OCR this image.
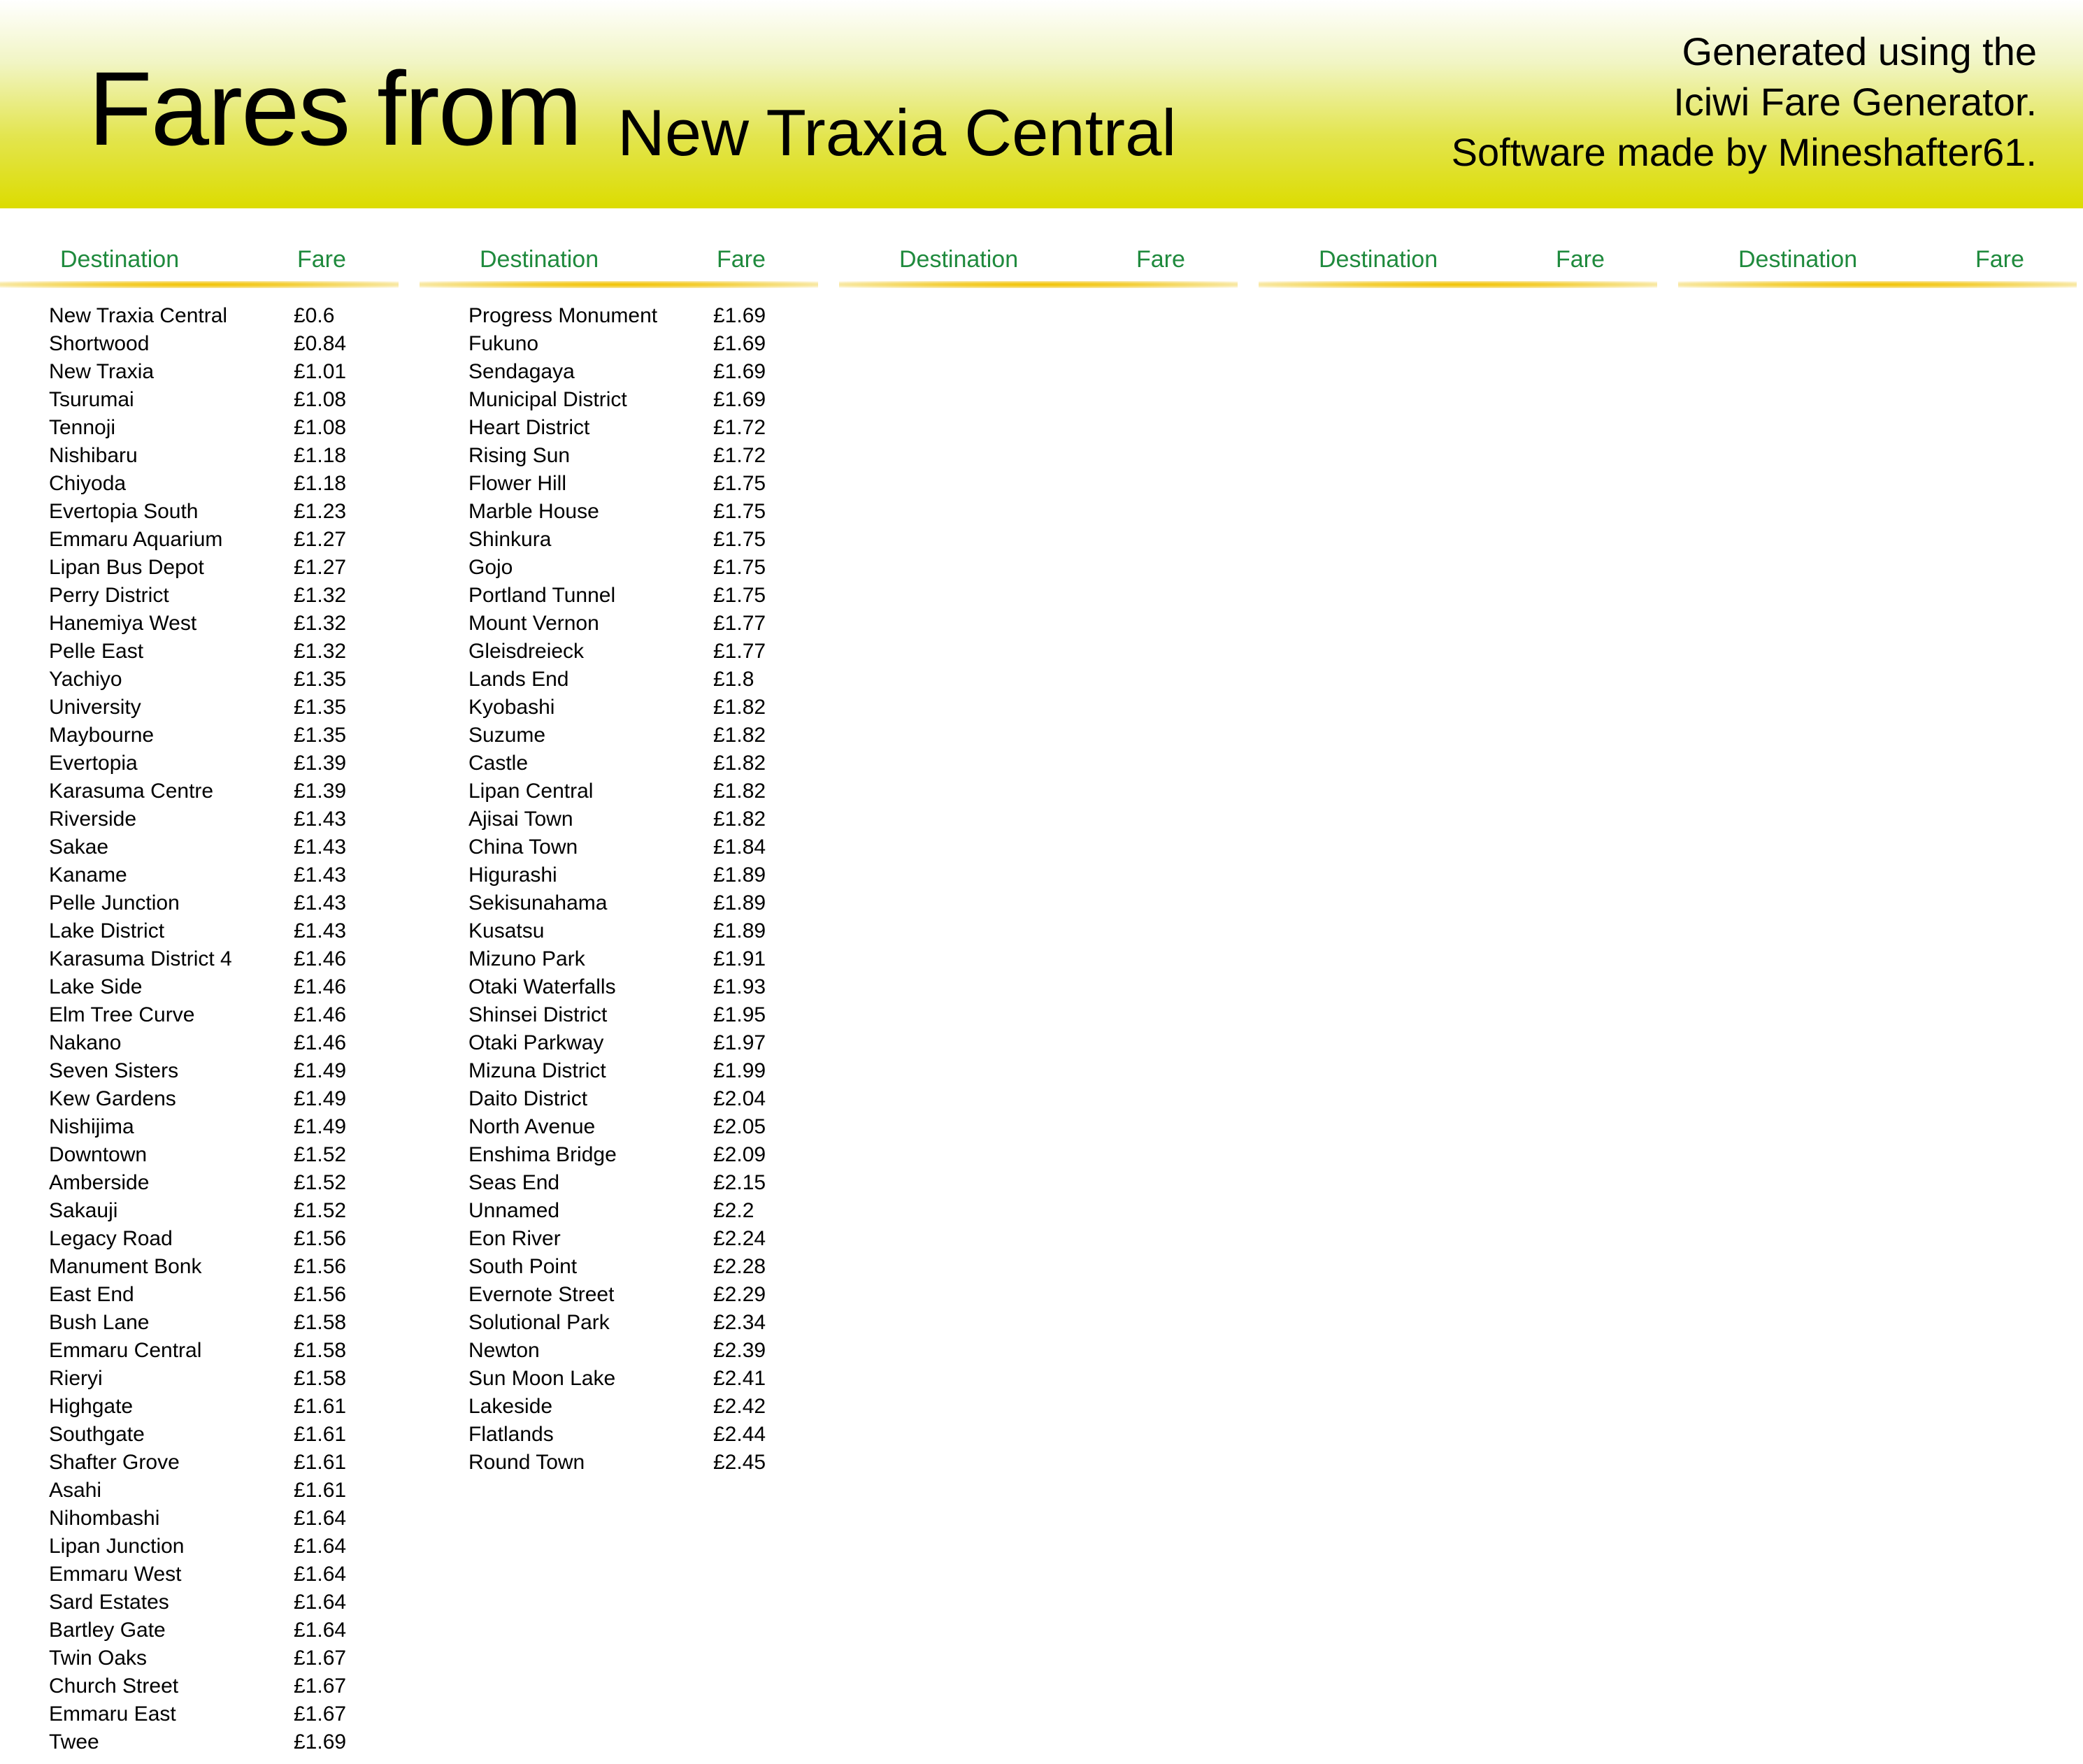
Fares from New Traxia Central
Generated using the
Iciwi Fare Generator.
Software made by Mineshafter61.
Destination	Fare
New Traxia Central	£0.6
Shortwood	£0.84
New Traxia	£1.01
Tsurumai	£1.08
Tennoji	£1.08
Nishibaru	£1.18
Chiyoda	£1.18
Evertopia South	£1.23
Emmaru Aquarium	£1.27
Lipan Bus Depot	£1.27
Perry District	£1.32
Hanemiya West	£1.32
Pelle East	£1.32
Yachiyo	£1.35
University	£1.35
Maybourne	£1.35
Evertopia	£1.39
Karasuma Centre	£1.39
Riverside	£1.43
Sakae	£1.43
Kaname	£1.43
Pelle Junction	£1.43
Lake District	£1.43
Karasuma District 4	£1.46
Lake Side	£1.46
Elm Tree Curve	£1.46
Nakano	£1.46
Seven Sisters	£1.49
Kew Gardens	£1.49
Nishijima	£1.49
Downtown	£1.52
Amberside	£1.52
Sakauji	£1.52
Legacy Road	£1.56
Manument Bonk	£1.56
East End	£1.56
Bush Lane	£1.58
Emmaru Central	£1.58
Rieryi	£1.58
Highgate	£1.61
Southgate	£1.61
Shafter Grove	£1.61
Asahi	£1.61
Nihombashi	£1.64
Lipan Junction	£1.64
Emmaru West	£1.64
Sard Estates	£1.64
Bartley Gate	£1.64
Twin Oaks	£1.67
Church Street	£1.67
Emmaru East	£1.67
Twee	£1.69
Destination	Fare
Progress Monument	£1.69
Fukuno	£1.69
Sendagaya	£1.69
Municipal District	£1.69
Heart District	£1.72
Rising Sun	£1.72
Flower Hill	£1.75
Marble House	£1.75
Shinkura	£1.75
Gojo	£1.75
Portland Tunnel	£1.75
Mount Vernon	£1.77
Gleisdreieck	£1.77
Lands End	£1.8
Kyobashi	£1.82
Suzume	£1.82
Castle	£1.82
Lipan Central	£1.82
Ajisai Town	£1.82
China Town	£1.84
Higurashi	£1.89
Sekisunahama	£1.89
Kusatsu	£1.89
Mizuno Park	£1.91
Otaki Waterfalls	£1.93
Shinsei District	£1.95
Otaki Parkway	£1.97
Mizuna District	£1.99
Daito District	£2.04
North Avenue	£2.05
Enshima Bridge	£2.09
Seas End	£2.15
Unnamed	£2.2
Eon River	£2.24
South Point	£2.28
Evernote Street	£2.29
Solutional Park	£2.34
Newton	£2.39
Sun Moon Lake	£2.41
Lakeside	£2.42
Flatlands	£2.44
Round Town	£2.45
Destination	Fare	Destination	Fare	Destination	Fare
